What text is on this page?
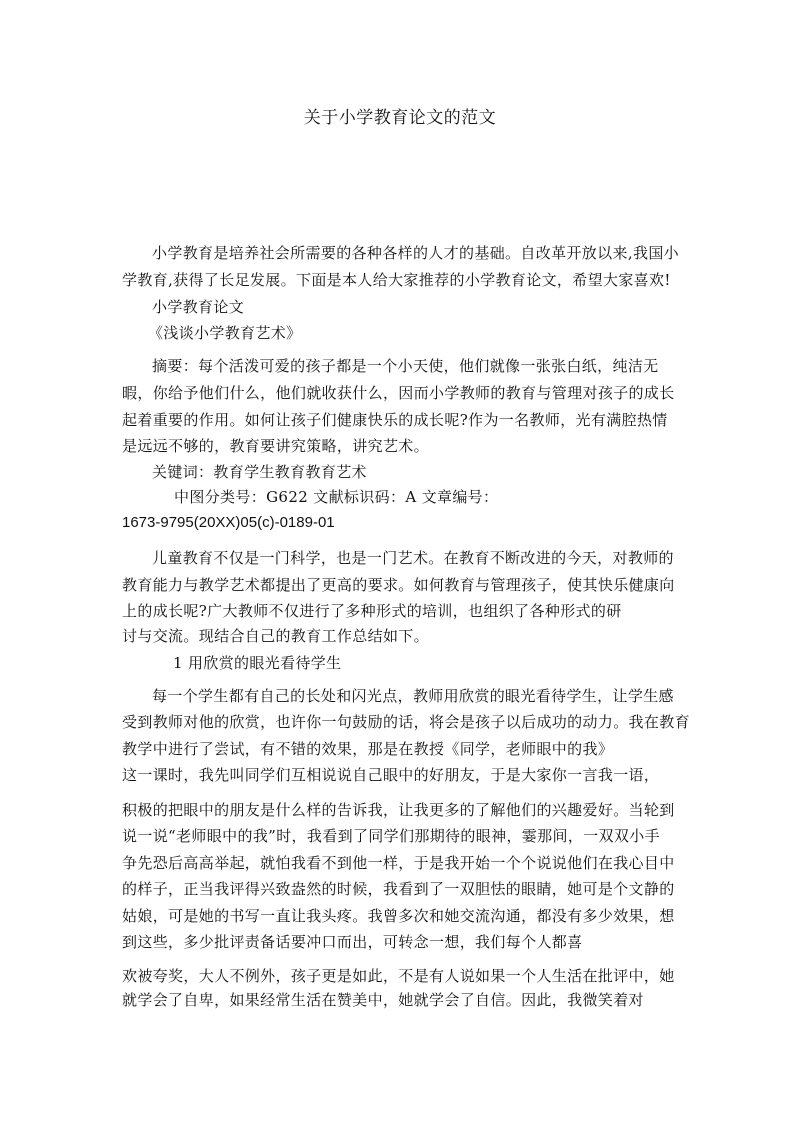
关于小学教育论文的范文
小学教育是培养社会所需要的各种各样的人才的基础。自改革开放以来,我国小
学教育,获得了长足发展。下面是本人给大家推荐的小学教育论文，希望大家喜欢!
小学教育论文
《浅谈小学教育艺术》
摘要：每个活泼可爱的孩子都是一个小天使，他们就像一张张白纸，纯洁无
暇，你给予他们什么，他们就收获什么，因而小学教师的教育与管理对孩子的成长
起着重要的作用。如何让孩子们健康快乐的成长呢?作为一名教师，光有满腔热情
是远远不够的，教育要讲究策略，讲究艺术。
关键词：教育学生教育教育艺术
中图分类号：G622 文献标识码：A 文章编号：
1673-9795(20XX)05(c)-0189-01
儿童教育不仅是一门科学，也是一门艺术。在教育不断改进的今天，对教师的
教育能力与教学艺术都提出了更高的要求。如何教育与管理孩子，使其快乐健康向
上的成长呢?广大教师不仅进行了多种形式的培训，也组织了各种形式的研
讨与交流。现结合自己的教育工作总结如下。
1 用欣赏的眼光看待学生
每一个学生都有自己的长处和闪光点，教师用欣赏的眼光看待学生，让学生感
受到教师对他的欣赏，也许你一句鼓励的话，将会是孩子以后成功的动力。我在教育
教学中进行了尝试，有不错的效果，那是在教授《同学，老师眼中的我》
这一课时，我先叫同学们互相说说自己眼中的好朋友，于是大家你一言我一语，
积极的把眼中的朋友是什么样的告诉我，让我更多的了解他们的兴趣爱好。当轮到
说一说“老师眼中的我”时，我看到了同学们那期待的眼神，霎那间，一双双小手
争先恐后高高举起，就怕我看不到他一样，于是我开始一个个说说他们在我心目中
的样子，正当我评得兴致盎然的时候，我看到了一双胆怯的眼睛，她可是个文静的
姑娘，可是她的书写一直让我头疼。我曾多次和她交流沟通，都没有多少效果，想
到这些，多少批评责备话要冲口而出，可转念一想，我们每个人都喜
欢被夸奖，大人不例外，孩子更是如此，不是有人说如果一个人生活在批评中，她
就学会了自卑，如果经常生活在赞美中，她就学会了自信。因此，我微笑着对
